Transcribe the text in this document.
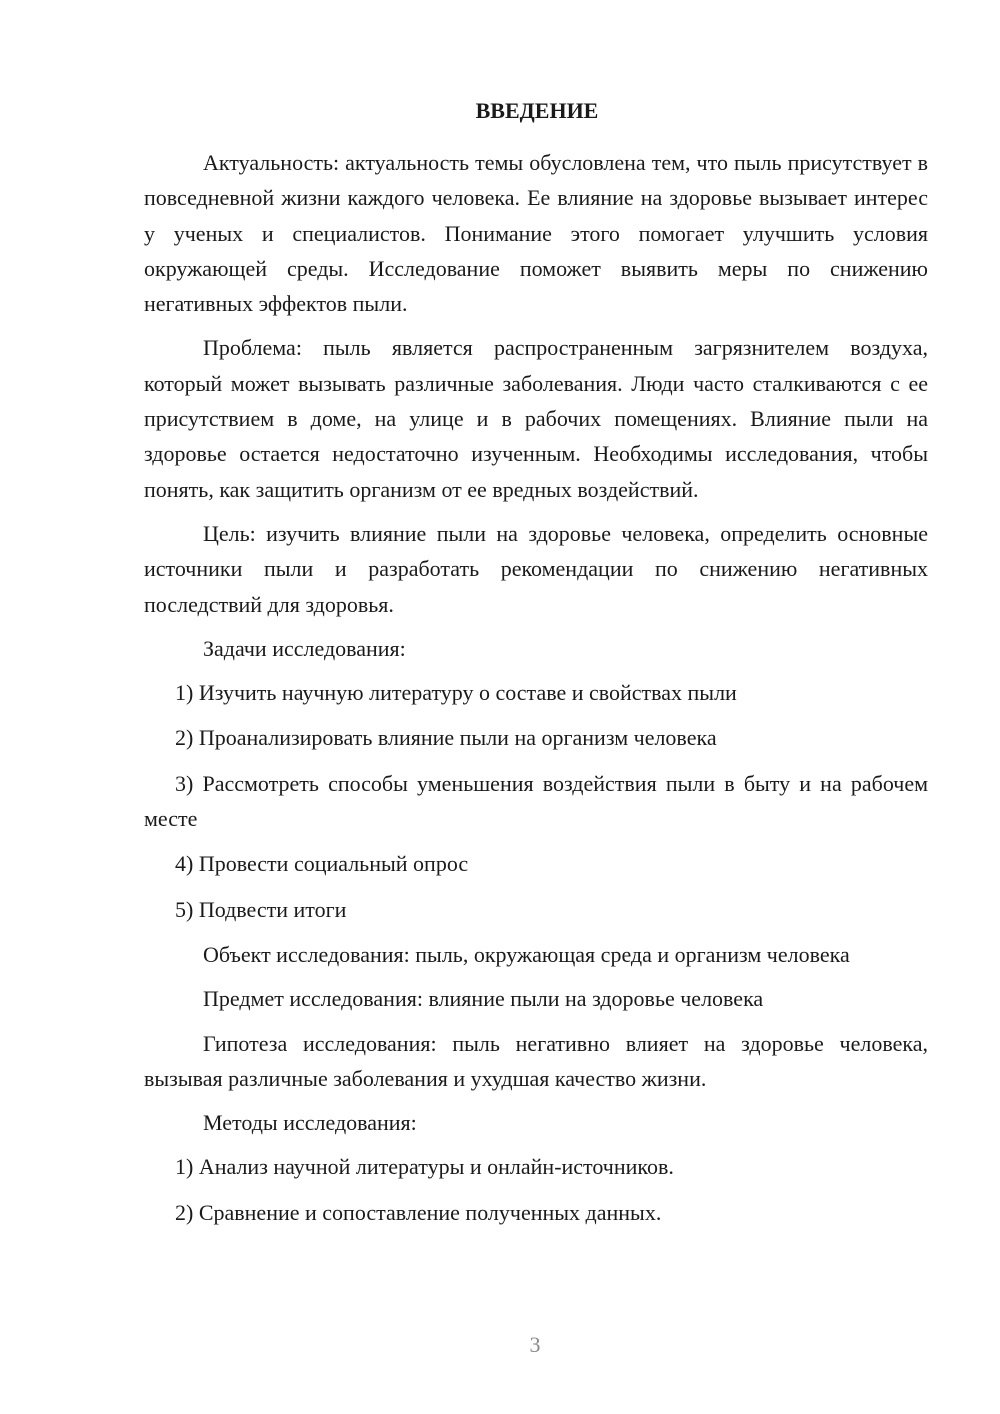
ВВЕДЕНИЕ

Актуальность: актуальность темы обусловлена тем, что пыль присутствует в повседневной жизни каждого человека. Ее влияние на здоровье вызывает интерес у ученых и специалистов. Понимание этого помогает улучшить условия окружающей среды. Исследование поможет выявить меры по снижению негативных эффектов пыли.

Проблема: пыль является распространенным загрязнителем воздуха, который может вызывать различные заболевания. Люди часто сталкиваются с ее присутствием в доме, на улице и в рабочих помещениях. Влияние пыли на здоровье остается недостаточно изученным. Необходимы исследования, чтобы понять, как защитить организм от ее вредных воздействий.

Цель: изучить влияние пыли на здоровье человека, определить основные источники пыли и разработать рекомендации по снижению негативных последствий для здоровья.

Задачи исследования:

1) Изучить научную литературу о составе и свойствах пыли

2) Проанализировать влияние пыли на организм человека

3) Рассмотреть способы уменьшения воздействия пыли в быту и на рабочем месте

4) Провести социальный опрос

5) Подвести итоги

Объект исследования: пыль, окружающая среда и организм человека

Предмет исследования: влияние пыли на здоровье человека

Гипотеза исследования: пыль негативно влияет на здоровье человека, вызывая различные заболевания и ухудшая качество жизни.

Методы исследования:

1) Анализ научной литературы и онлайн-источников.

2) Сравнение и сопоставление полученных данных.

3
